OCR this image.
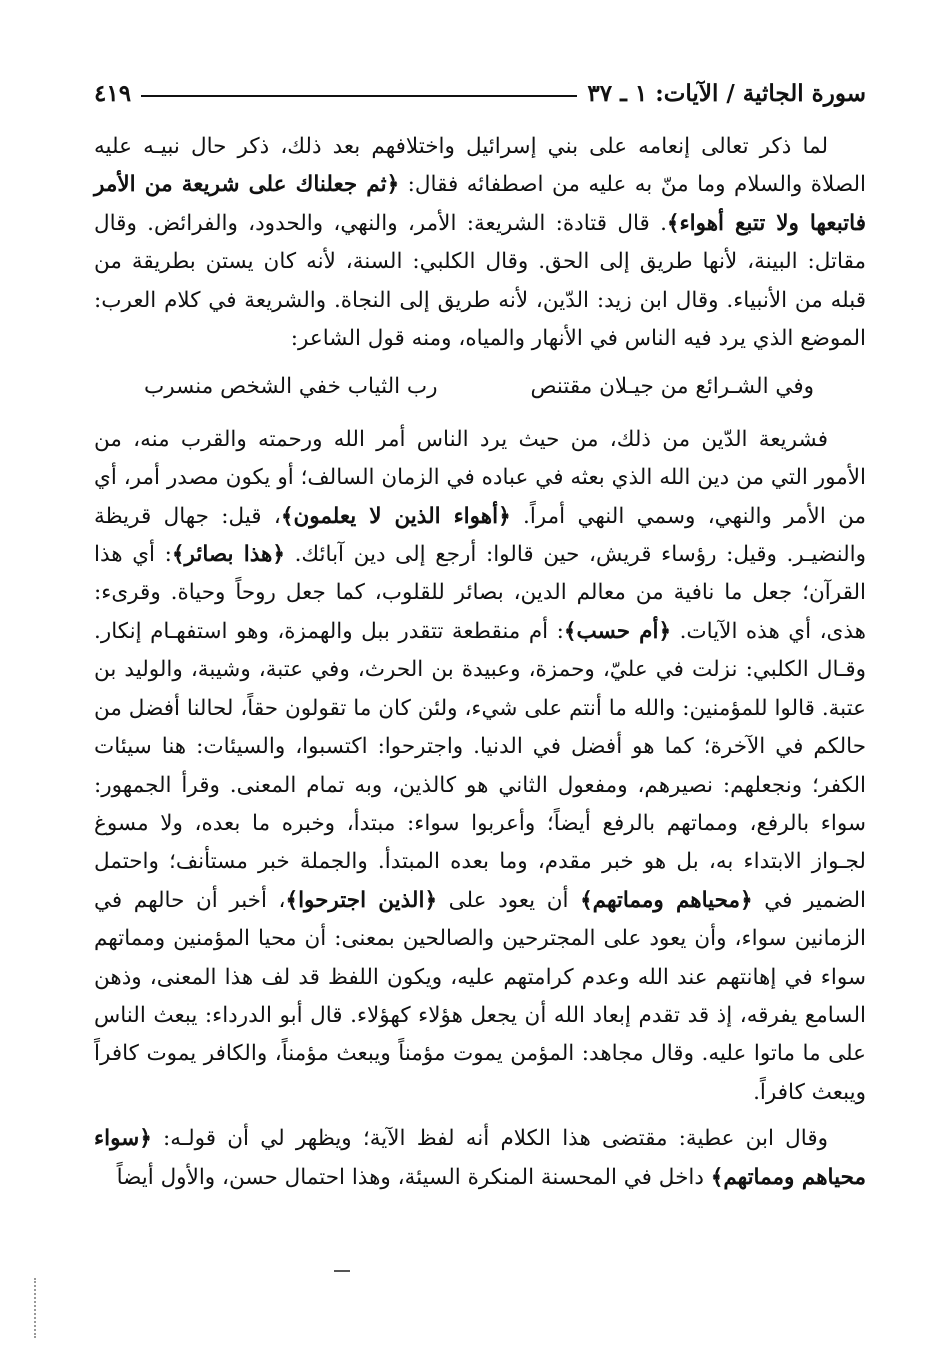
سورة الجاثية / الآيات: ١ ـ ٣٧
٤١٩

لما ذكر تعالى إنعامه على بني إسرائيل واختلافهم بعد ذلك، ذكر حال نبيـه عليه الصلاة والسلام وما منّ به عليه من اصطفائه فقال: ﴿ثم جعلناك على شريعة من الأمر فاتبعها ولا تتبع أهواء﴾. قال قتادة: الشريعة: الأمر، والنهي، والحدود، والفرائض. وقال مقاتل: البينة، لأنها طريق إلى الحق. وقال الكلبي: السنة، لأنه كان يستن بطريقة من قبله من الأنبياء. وقال ابن زيد: الدّين، لأنه طريق إلى النجاة. والشريعة في كلام العرب: الموضع الذي يرد فيه الناس في الأنهار والمياه، ومنه قول الشاعر:

وفي الشـرائع من جيـلان مقتنص
رب الثياب خفي الشخص منسرب

فشريعة الدّين من ذلك، من حيث يرد الناس أمر الله ورحمته والقرب منه، من الأمور التي من دين الله الذي بعثه في عباده في الزمان السالف؛ أو يكون مصدر أمر، أي من الأمر والنهي، وسمي النهي أمراً. ﴿أهواء الذين لا يعلمون﴾، قيل: جهال قريظة والنضيـر. وقيل: رؤساء قريش، حين قالوا: أرجع إلى دين آبائك. ﴿هذا بصائر﴾: أي هذا القرآن؛ جعل ما نافية من معالم الدين، بصائر للقلوب، كما جعل روحاً وحياة. وقرىء: هذى، أي هذه الآيات. ﴿أم حسب﴾: أم منقطعة تتقدر ببل والهمزة، وهو استفهـام إنكار. وقـال الكلبي: نزلت في عليّ، وحمزة، وعبيدة بن الحرث، وفي عتبة، وشيبة، والوليد بن عتبة. قالوا للمؤمنين: والله ما أنتم على شيء، ولئن كان ما تقولون حقاً، لحالنا أفضل من حالكم في الآخرة؛ كما هو أفضل في الدنيا. واجترحوا: اكتسبوا، والسيئات: هنا سيئات الكفر؛ ونجعلهم: نصيرهم، ومفعول الثاني هو كالذين، وبه تمام المعنى. وقرأ الجمهور: سواء بالرفع، ومماتهم بالرفع أيضاً؛ وأعربوا سواء: مبتدأ، وخبره ما بعده، ولا مسوغ لجـواز الابتداء به، بل هو خبر مقدم، وما بعده المبتدأ. والجملة خبر مستأنف؛ واحتمل الضمير في ﴿محياهم ومماتهم﴾ أن يعود على ﴿الذين اجترحوا﴾، أخبر أن حالهم في الزمانين سواء، وأن يعود على المجترحين والصالحين بمعنى: أن محيا المؤمنين ومماتهم سواء في إهانتهم عند الله وعدم كرامتهم عليه، ويكون اللفظ قد لف هذا المعنى، وذهن السامع يفرقه، إذ قد تقدم إبعاد الله أن يجعل هؤلاء كهؤلاء. قال أبو الدرداء: يبعث الناس على ما ماتوا عليه. وقال مجاهد: المؤمن يموت مؤمناً ويبعث مؤمناً، والكافر يموت كافراً ويبعث كافراً.

وقال ابن عطية: مقتضى هذا الكلام أنه لفظ الآية؛ ويظهر لي أن قولـه: ﴿سواء محياهم ومماتهم﴾ داخل في المحسنة المنكرة السيئة، وهذا احتمال حسن، والأول أيضاً
